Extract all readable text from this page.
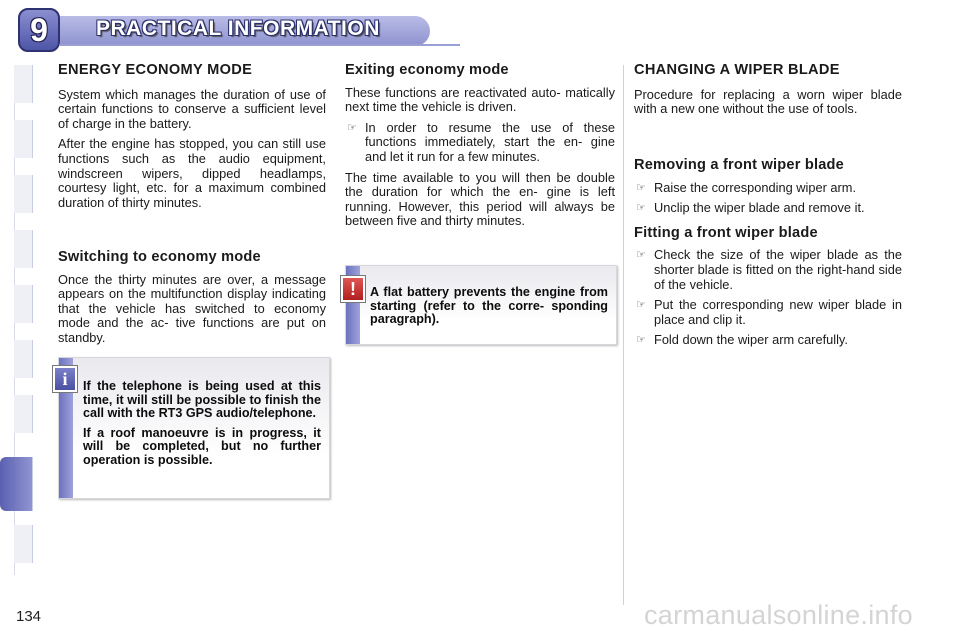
9 PRACTICAL INFORMATION
ENERGY ECONOMY MODE

System which manages the duration of use of certain functions to conserve a sufficient level of charge in the battery.

After the engine has stopped, you can still use functions such as the audio equipment, windscreen wipers, dipped headlamps, courtesy light, etc. for a maximum combined duration of thirty minutes.

Switching to economy mode

Once the thirty minutes are over, a message appears on the multifunction display indicating that the vehicle has switched to economy mode and the ac- tive functions are put on standby.

If the telephone is being used at this time, it will still be possible to finish the call with the RT3 GPS audio/telephone.

If a roof manoeuvre is in progress, it will be completed, but no further operation is possible.

i
Exiting economy mode

These functions are reactivated auto- matically next time the vehicle is driven.

☞ In order to resume the use of these functions immediately, start the en- gine and let it run for a few minutes.

The time available to you will then be double the duration for which the en- gine is left running. However, this period will always be between five and thirty minutes.

A flat battery prevents the engine from starting (refer to the corre- sponding paragraph).

!
CHANGING A WIPER BLADE

Procedure for replacing a worn wiper blade with a new one without the use of tools.

Removing a front wiper blade
☞ Raise the corresponding wiper arm.
☞ Unclip the wiper blade and remove it.
Fitting a front wiper blade
☞ Check the size of the wiper blade as the shorter blade is fitted on the right-hand side of the vehicle.
☞ Put the corresponding new wiper blade in place and clip it.
☞ Fold down the wiper arm carefully.
134	carmanualsonline.info
